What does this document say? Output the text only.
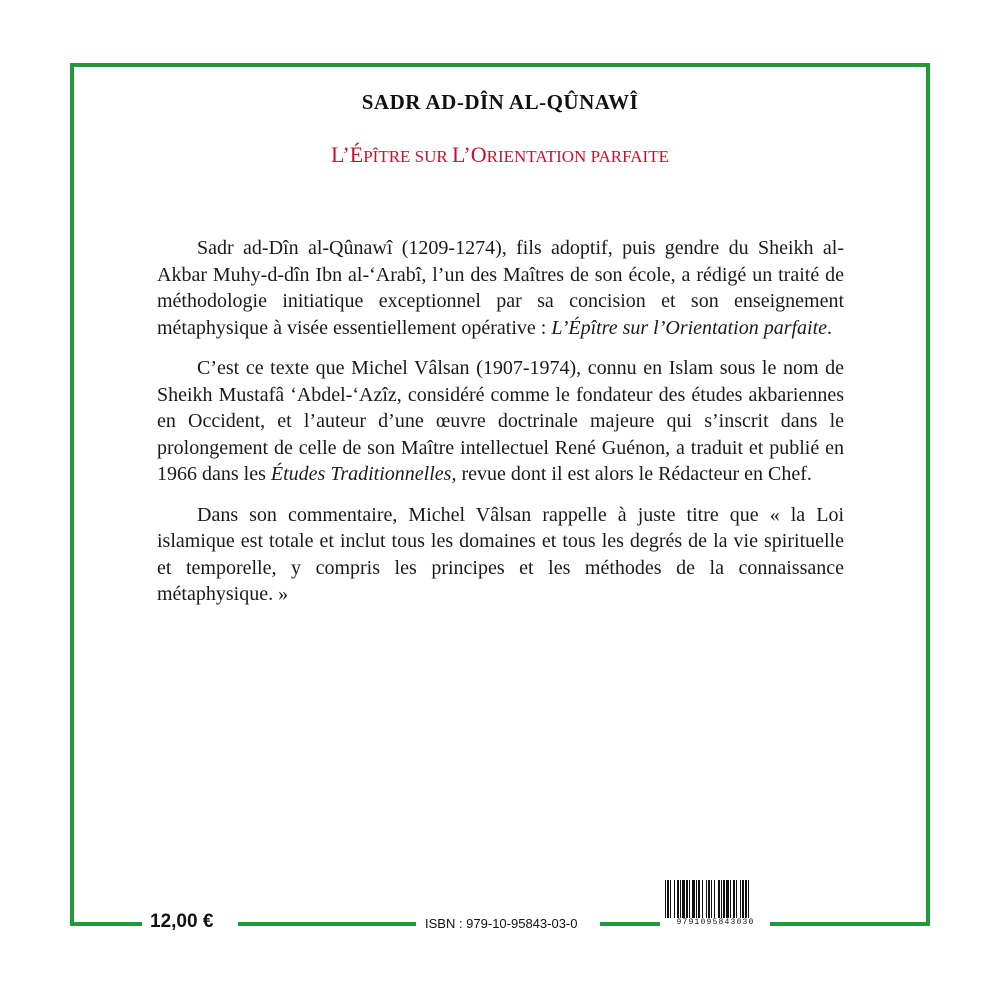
SADR AD-DÎN AL-QÛNAWÎ
L’ÉPÎTRE SUR L’ORIENTATION PARFAITE

Sadr ad-Dîn al-Qûnawî (1209-1274), fils adoptif, puis gendre du Sheikh al-Akbar Muhy-d-dîn Ibn al-‘Arabî, l’un des Maîtres de son école, a rédigé un traité de méthodologie initiatique exceptionnel par sa concision et son enseignement métaphysique à visée essentiellement opérative : L’Épître sur l’Orientation parfaite.

C’est ce texte que Michel Vâlsan (1907-1974), connu en Islam sous le nom de Sheikh Mustafâ ‘Abdel-‘Azîz, considéré comme le fondateur des études akbariennes en Occident, et l’auteur d’une œuvre doctrinale majeure qui s’inscrit dans le prolongement de celle de son Maître intellectuel René Guénon, a traduit et publié en 1966 dans les Études Traditionnelles, revue dont il est alors le Rédacteur en Chef.

Dans son commentaire, Michel Vâlsan rappelle à juste titre que « la Loi islamique est totale et inclut tous les domaines et tous les degrés de la vie spirituelle et temporelle, y compris les principes et les méthodes de la connaissance métaphysique. »

12,00 €	ISBN : 979-10-95843-03-0	9791095843030
